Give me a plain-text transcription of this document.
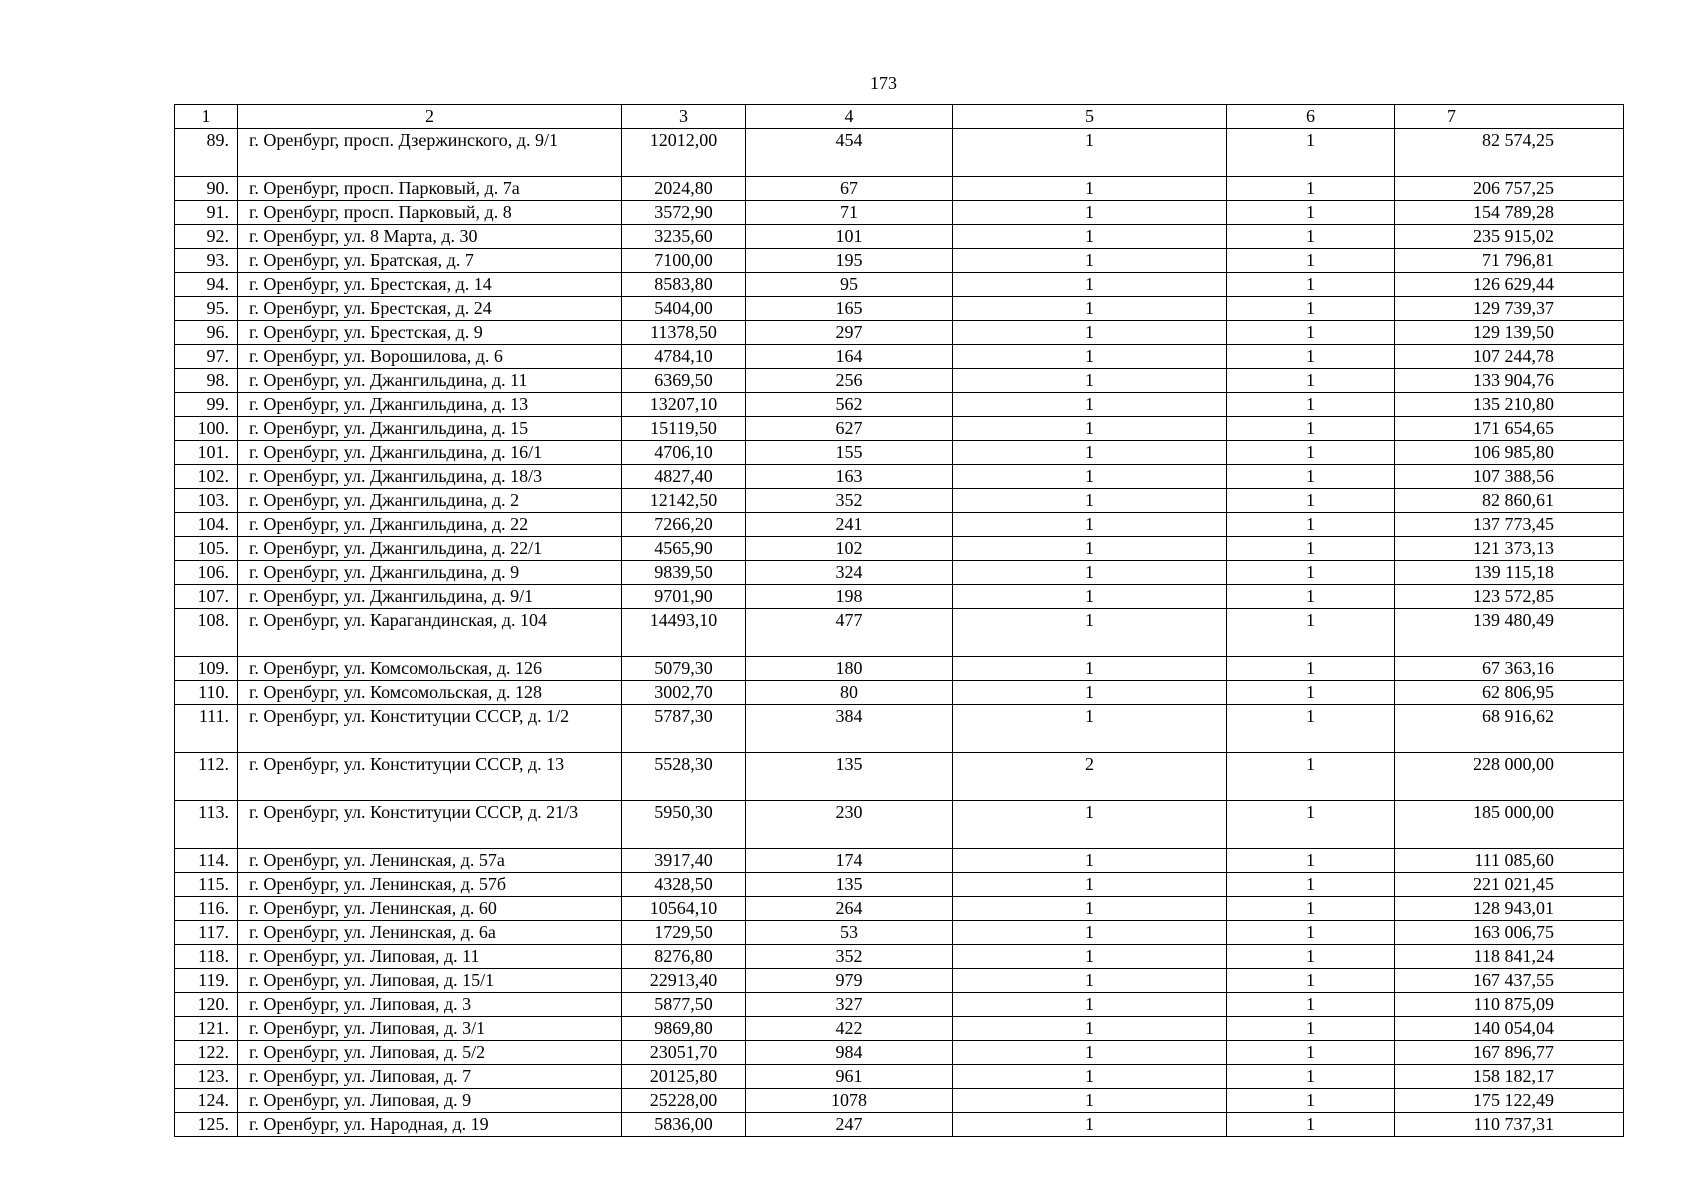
173
1	2	3	4	5	6	7
89.	г. Оренбург, просп. Дзержинского, д. 9/1	12012,00	454	1	1	82 574,25
90.	г. Оренбург, просп. Парковый, д. 7а	2024,80	67	1	1	206 757,25
91.	г. Оренбург, просп. Парковый, д. 8	3572,90	71	1	1	154 789,28
92.	г. Оренбург, ул. 8 Марта, д. 30	3235,60	101	1	1	235 915,02
93.	г. Оренбург, ул. Братская, д. 7	7100,00	195	1	1	71 796,81
94.	г. Оренбург, ул. Брестская, д. 14	8583,80	95	1	1	126 629,44
95.	г. Оренбург, ул. Брестская, д. 24	5404,00	165	1	1	129 739,37
96.	г. Оренбург, ул. Брестская, д. 9	11378,50	297	1	1	129 139,50
97.	г. Оренбург, ул. Ворошилова, д. 6	4784,10	164	1	1	107 244,78
98.	г. Оренбург, ул. Джангильдина, д. 11	6369,50	256	1	1	133 904,76
99.	г. Оренбург, ул. Джангильдина, д. 13	13207,10	562	1	1	135 210,80
100.	г. Оренбург, ул. Джангильдина, д. 15	15119,50	627	1	1	171 654,65
101.	г. Оренбург, ул. Джангильдина, д. 16/1	4706,10	155	1	1	106 985,80
102.	г. Оренбург, ул. Джангильдина, д. 18/3	4827,40	163	1	1	107 388,56
103.	г. Оренбург, ул. Джангильдина, д. 2	12142,50	352	1	1	82 860,61
104.	г. Оренбург, ул. Джангильдина, д. 22	7266,20	241	1	1	137 773,45
105.	г. Оренбург, ул. Джангильдина, д. 22/1	4565,90	102	1	1	121 373,13
106.	г. Оренбург, ул. Джангильдина, д. 9	9839,50	324	1	1	139 115,18
107.	г. Оренбург, ул. Джангильдина, д. 9/1	9701,90	198	1	1	123 572,85
108.	г. Оренбург, ул. Карагандинская, д. 104	14493,10	477	1	1	139 480,49
109.	г. Оренбург, ул. Комсомольская, д. 126	5079,30	180	1	1	67 363,16
110.	г. Оренбург, ул. Комсомольская, д. 128	3002,70	80	1	1	62 806,95
111.	г. Оренбург, ул. Конституции СССР, д. 1/2	5787,30	384	1	1	68 916,62
112.	г. Оренбург, ул. Конституции СССР, д. 13	5528,30	135	2	1	228 000,00
113.	г. Оренбург, ул. Конституции СССР, д. 21/3	5950,30	230	1	1	185 000,00
114.	г. Оренбург, ул. Ленинская, д. 57а	3917,40	174	1	1	111 085,60
115.	г. Оренбург, ул. Ленинская, д. 57б	4328,50	135	1	1	221 021,45
116.	г. Оренбург, ул. Ленинская, д. 60	10564,10	264	1	1	128 943,01
117.	г. Оренбург, ул. Ленинская, д. 6а	1729,50	53	1	1	163 006,75
118.	г. Оренбург, ул. Липовая, д. 11	8276,80	352	1	1	118 841,24
119.	г. Оренбург, ул. Липовая, д. 15/1	22913,40	979	1	1	167 437,55
120.	г. Оренбург, ул. Липовая, д. 3	5877,50	327	1	1	110 875,09
121.	г. Оренбург, ул. Липовая, д. 3/1	9869,80	422	1	1	140 054,04
122.	г. Оренбург, ул. Липовая, д. 5/2	23051,70	984	1	1	167 896,77
123.	г. Оренбург, ул. Липовая, д. 7	20125,80	961	1	1	158 182,17
124.	г. Оренбург, ул. Липовая, д. 9	25228,00	1078	1	1	175 122,49
125.	г. Оренбург, ул. Народная, д. 19	5836,00	247	1	1	110 737,31
